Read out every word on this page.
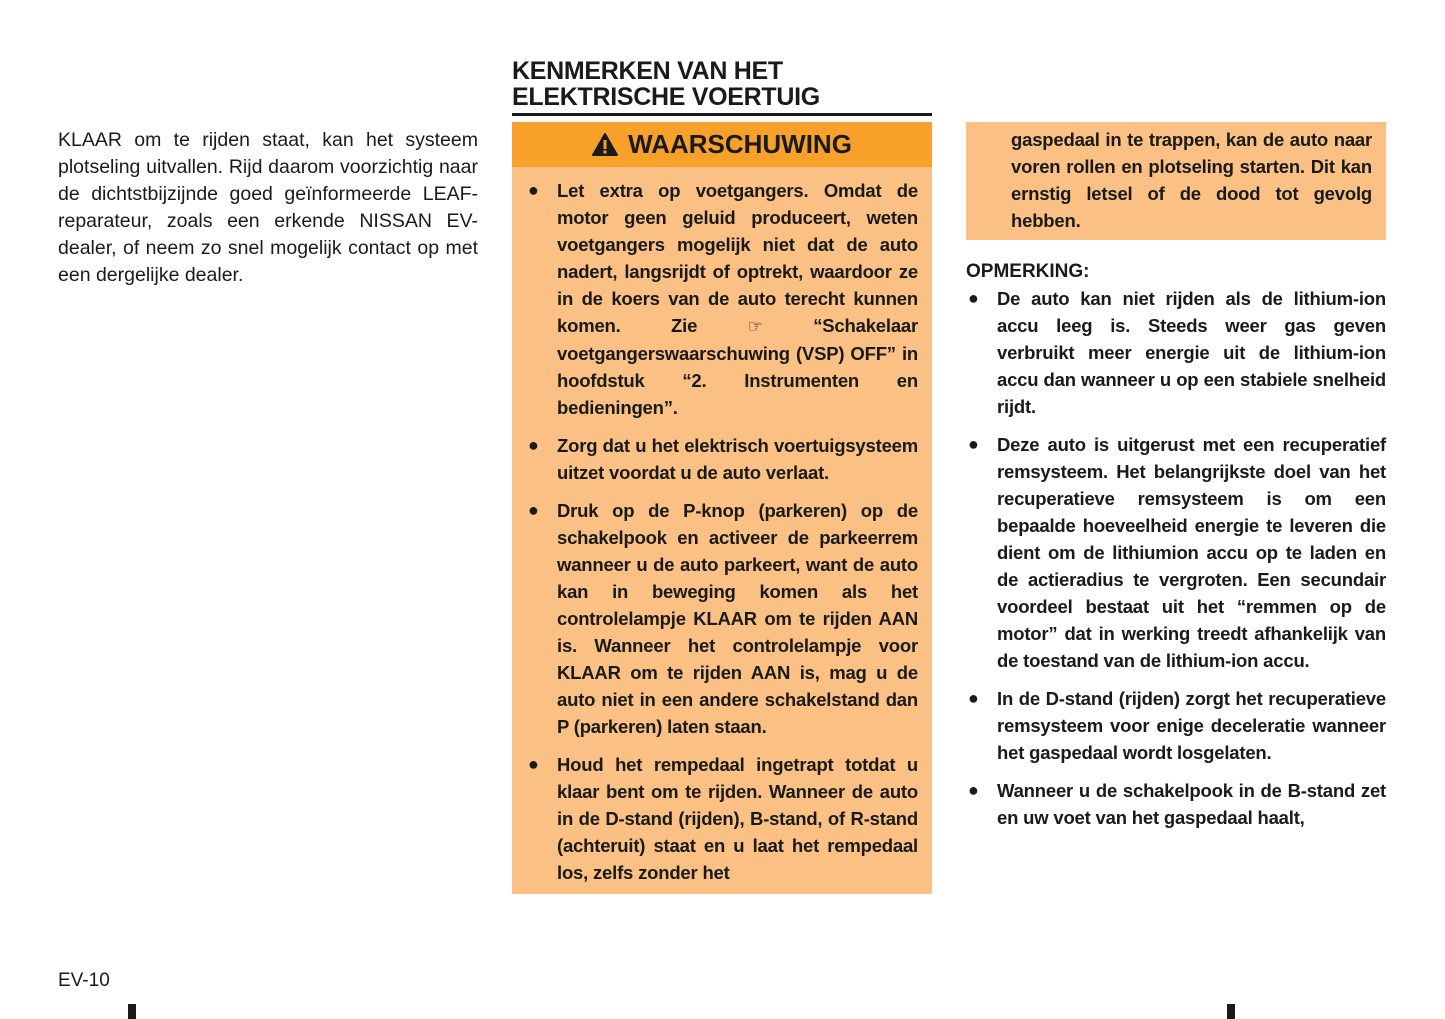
KLAAR om te rijden staat, kan het systeem plotseling uitvallen. Rijd daarom voorzichtig naar de dichtstbijzijnde goed geïnformeerde LEAF-reparateur, zoals een erkende NISSAN EV-dealer, of neem zo snel mogelijk contact op met een dergelijke dealer.
KENMERKEN VAN HET
ELEKTRISCHE VOERTUIG
WAARSCHUWING
● Let extra op voetgangers. Omdat de motor geen geluid produceert, weten voetgangers mogelijk niet dat de auto nadert, langsrijdt of optrekt, waardoor ze in de koers van de auto terecht kunnen komen. Zie	☞	“Schakelaar voetgangerswaarschuwing (VSP) OFF” in hoofdstuk “2. Instrumenten en bedieningen”.
● Zorg dat u het elektrisch voertuigsysteem uitzet voordat u de auto verlaat.
● Druk op de P-knop (parkeren) op de schakelpook en activeer de parkeerrem wanneer u de auto parkeert, want de auto kan in beweging komen als het controlelampje KLAAR om te rijden AAN is. Wanneer het controlelampje voor KLAAR om te rijden AAN is, mag u de auto niet in een andere schakelstand dan P (parkeren) laten staan.
● Houd het rempedaal ingetrapt totdat u klaar bent om te rijden. Wanneer de auto in de D-stand (rijden), B-stand, of R-stand (achteruit) staat en u laat het rempedaal los, zelfs zonder het
gaspedaal in te trappen, kan de auto naar voren rollen en plotseling starten. Dit kan ernstig letsel of de dood tot gevolg hebben.
OPMERKING:
● De auto kan niet rijden als de lithium-ion accu leeg is. Steeds weer gas geven verbruikt meer energie uit de lithium-ion accu dan wanneer u op een stabiele snelheid rijdt.
● Deze auto is uitgerust met een recuperatief remsysteem. Het belangrijkste doel van het recuperatieve remsysteem is om een bepaalde hoeveelheid energie te leveren die dient om de lithiumion accu op te laden en de actieradius te vergroten. Een secundair voordeel bestaat uit het “remmen op de motor” dat in werking treedt afhankelijk van de toestand van de lithium-ion accu.
● In de D-stand (rijden) zorgt het recuperatieve remsysteem voor enige deceleratie wanneer het gaspedaal wordt losgelaten.
● Wanneer u de schakelpook in de B-stand zet en uw voet van het gaspedaal haalt,
EV-10
